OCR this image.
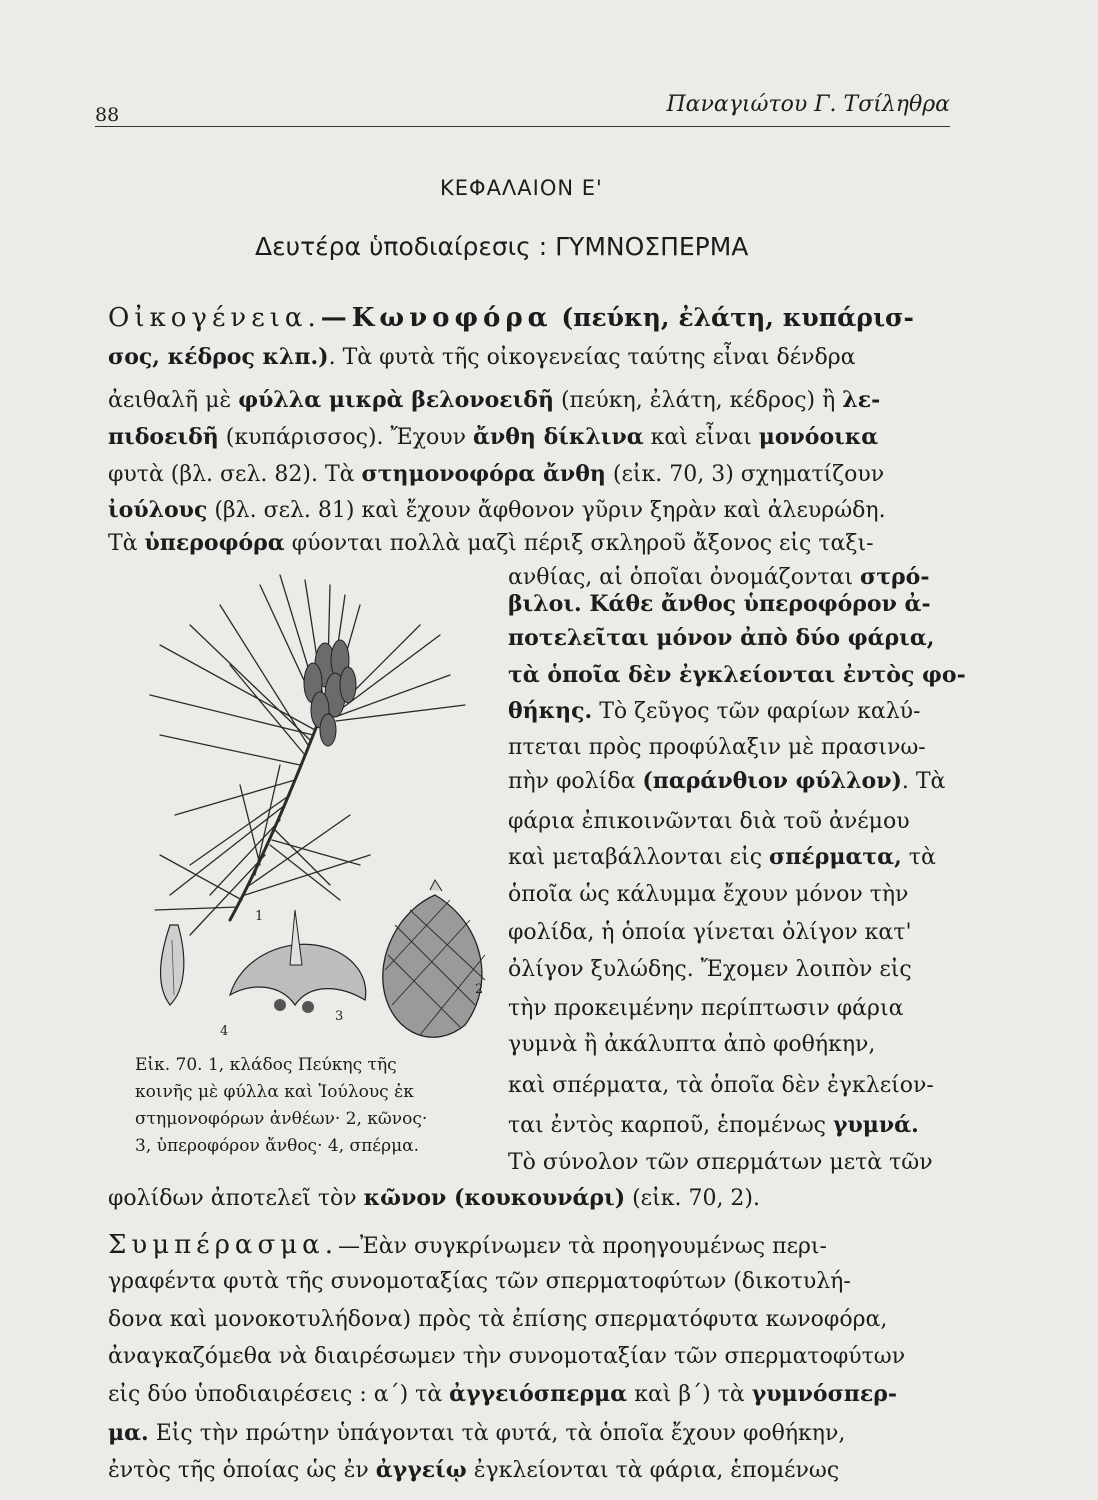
88	Παναγιώτου Γ. Τσίληθρα
ΚΕΦΑΛΑΙΟΝ Ε'
Δευτέρα ὑποδιαίρεσις : ΓΥΜΝΟΣΠΕΡΜΑ
Οἰκογένεια.—Κωνοφόρα (πεύκη, ἐλάτη, κυπάρισ-
σος, κέδρος κλπ.). Τὰ φυτὰ τῆς οἰκογενείας ταύτης εἶναι δένδρα
ἀειθαλῆ μὲ φύλλα μικρὰ βελονοειδῆ (πεύκη, ἐλάτη, κέδρος) ἢ λε-
πιδοειδῆ (κυπάρισσος). Ἔχουν ἄνθη δίκλινα καὶ εἶναι μονόοικα
φυτὰ (βλ. σελ. 82). Τὰ στημονοφόρα ἄνθη (εἰκ. 70, 3) σχηματίζουν
ἰούλους (βλ. σελ. 81) καὶ ἔχουν ἄφθονον γῦριν ξηρὰν καὶ ἀλευρώδη.
Τὰ ὑπεροφόρα φύονται πολλὰ μαζὶ πέριξ σκληροῦ ἄξονος εἰς ταξι-
ανθίας, αἱ ὁποῖαι ὀνομάζονται στρό-
βιλοι. Κάθε ἄνθος ὑπεροφόρον ἀ-
ποτελεῖται μόνον ἀπὸ δύο φάρια,
τὰ ὁποῖα δὲν ἐγκλείονται ἐντὸς φο-
θήκης. Τὸ ζεῦγος τῶν φαρίων καλύ-
πτεται πρὸς προφύλαξιν μὲ πρασινω-
πὴν φολίδα (παράνθιον φύλλον). Τὰ
φάρια ἐπικοινῶνται διὰ τοῦ ἀνέμου
καὶ μεταβάλλονται εἰς σπέρματα, τὰ
ὁποῖα ὡς κάλυμμα ἔχουν μόνον τὴν
φολίδα, ἡ ὁποία γίνεται ὀλίγον κατ'
ὀλίγον ξυλώδης. Ἔχομεν λοιπὸν εἰς
τὴν προκειμένην περίπτωσιν φάρια
γυμνὰ ἢ ἀκάλυπτα ἀπὸ φοθήκην,
καὶ σπέρματα, τὰ ὁποῖα δὲν ἐγκλείον-
ται ἐντὸς καρποῦ, ἑπομένως γυμνά.
Τὸ σύνολον τῶν σπερμάτων μετὰ τῶν
1
2
3
4
Εἰκ. 70. 1, κλάδος Πεύκης τῆς
κοινῆς μὲ φύλλα καὶ Ἰούλους ἐκ
στημονοφόρων ἀνθέων· 2, κῶνος·
3, ὑπεροφόρον ἄνθος· 4, σπέρμα.
φολίδων ἀποτελεῖ τὸν κῶνον (κουκουνάρι) (εἰκ. 70, 2).
Συμπέρασμα.—Ἐὰν συγκρίνωμεν τὰ προηγουμένως περι-
γραφέντα φυτὰ τῆς συνομοταξίας τῶν σπερματοφύτων (δικοτυλή-
δονα καὶ μονοκοτυλήδονα) πρὸς τὰ ἐπίσης σπερματόφυτα κωνοφόρα,
ἀναγκαζόμεθα νὰ διαιρέσωμεν τὴν συνομοταξίαν τῶν σπερματοφύτων
εἰς δύο ὑποδιαιρέσεις : α΄) τὰ ἀγγειόσπερμα καὶ β΄) τὰ γυμνόσπερ-
μα. Εἰς τὴν πρώτην ὑπάγονται τὰ φυτά, τὰ ὁποῖα ἔχουν φοθήκην,
ἐντὸς τῆς ὁποίας ὡς ἐν ἀγγείῳ ἐγκλείονται τὰ φάρια, ἑπομένως
